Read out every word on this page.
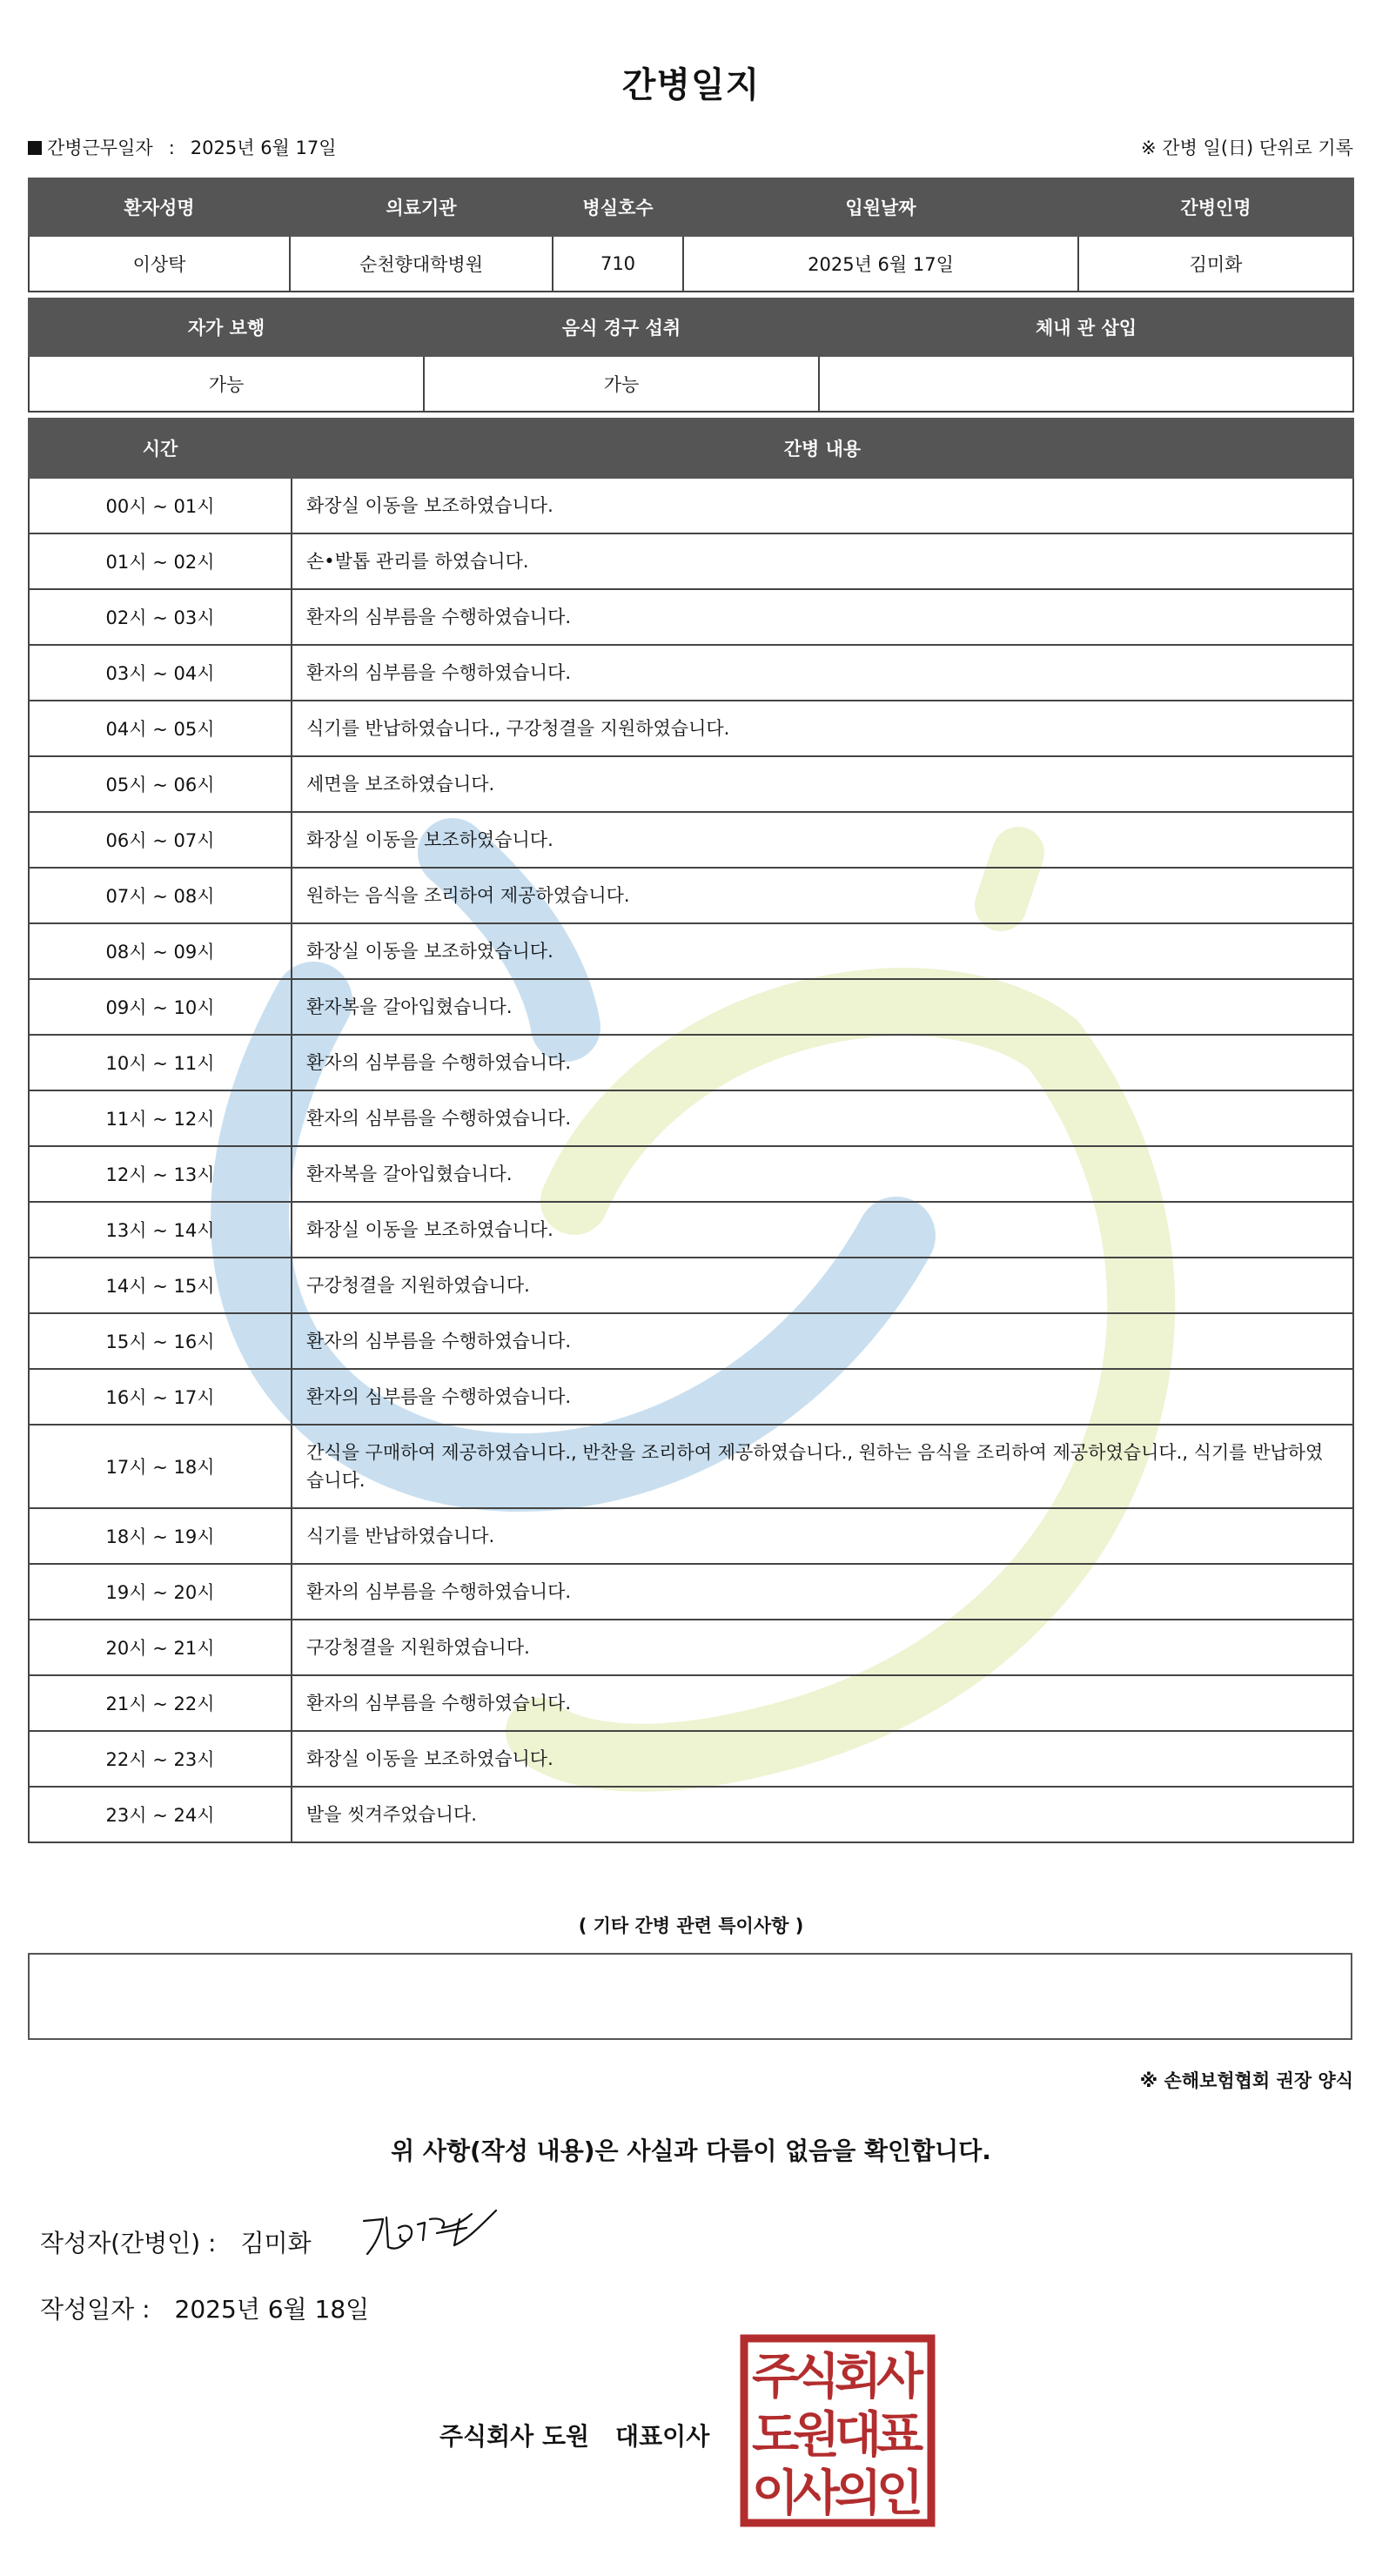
간병일지
간병근무일자 : 2025년 6월 17일	※ 간병 일(日) 단위로 기록
환자성명	의료기관	병실호수	입원날짜	간병인명
이상탁	순천향대학병원	710	2025년 6월 17일	김미화
자가 보행	음식 경구 섭취	체내 관 삽입
가능	가능	
시간	간병 내용
00시 ~ 01시	화장실 이동을 보조하였습니다.
01시 ~ 02시	손•발톱 관리를 하였습니다.
02시 ~ 03시	환자의 심부름을 수행하였습니다.
03시 ~ 04시	환자의 심부름을 수행하였습니다.
04시 ~ 05시	식기를 반납하였습니다., 구강청결을 지원하였습니다.
05시 ~ 06시	세면을 보조하였습니다.
06시 ~ 07시	화장실 이동을 보조하였습니다.
07시 ~ 08시	원하는 음식을 조리하여 제공하였습니다.
08시 ~ 09시	화장실 이동을 보조하였습니다.
09시 ~ 10시	환자복을 갈아입혔습니다.
10시 ~ 11시	환자의 심부름을 수행하였습니다.
11시 ~ 12시	환자의 심부름을 수행하였습니다.
12시 ~ 13시	환자복을 갈아입혔습니다.
13시 ~ 14시	화장실 이동을 보조하였습니다.
14시 ~ 15시	구강청결을 지원하였습니다.
15시 ~ 16시	환자의 심부름을 수행하였습니다.
16시 ~ 17시	환자의 심부름을 수행하였습니다.
17시 ~ 18시	간식을 구매하여 제공하였습니다., 반찬을 조리하여 제공하였습니다., 원하는 음식을 조리하여 제공하였습니다., 식기를 반납하였습니다.
18시 ~ 19시	식기를 반납하였습니다.
19시 ~ 20시	환자의 심부름을 수행하였습니다.
20시 ~ 21시	구강청결을 지원하였습니다.
21시 ~ 22시	환자의 심부름을 수행하였습니다.
22시 ~ 23시	화장실 이동을 보조하였습니다.
23시 ~ 24시	발을 씻겨주었습니다.
( 기타 간병 관련 특이사항 )
※ 손해보험협회 권장 양식
위 사항(작성 내용)은 사실과 다름이 없음을 확인합니다.
작성자(간병인) : 김미화
작성일자 : 2025년 6월 18일
주식회사 도원 대표이사
주
식
회
사
도
원
대
표
이
사
의
인
